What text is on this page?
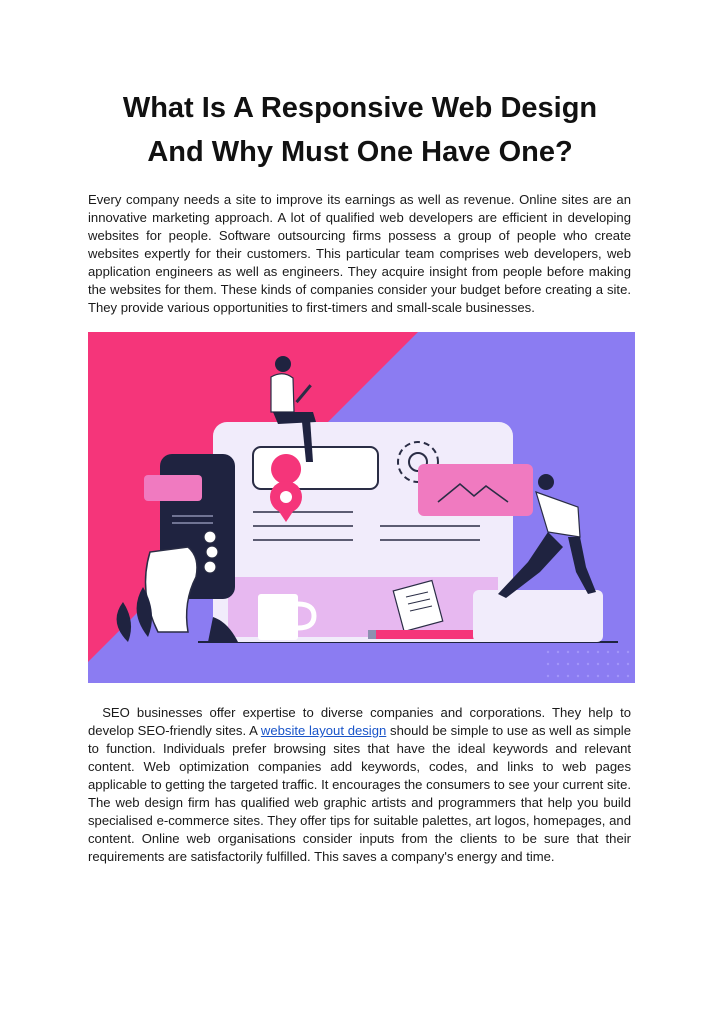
What Is A Responsive Web Design
And Why Must One Have One?

Every company needs a site to improve its earnings as well as revenue. Online sites are an innovative marketing approach. A lot of qualified web developers are efficient in developing websites for people. Software outsourcing firms possess a group of people who create websites expertly for their customers. This particular team comprises web developers, web application engineers as well as engineers. They acquire insight from people before making the websites for them. These kinds of companies consider your budget before creating a site. They provide various opportunities to first-timers and small-scale businesses.

SEO businesses offer expertise to diverse companies and corporations. They help to develop SEO-friendly sites. A website layout design should be simple to use as well as simple to function. Individuals prefer browsing sites that have the ideal keywords and relevant content. Web optimization companies add keywords, codes, and links to web pages applicable to getting the targeted traffic. It encourages the consumers to see your current site. The web design firm has qualified web graphic artists and programmers that help you build specialised e-commerce sites. They offer tips for suitable palettes, art logos, homepages, and content. Online web organisations consider inputs from the clients to be sure that their requirements are satisfactorily fulfilled. This saves a company's energy and time.
